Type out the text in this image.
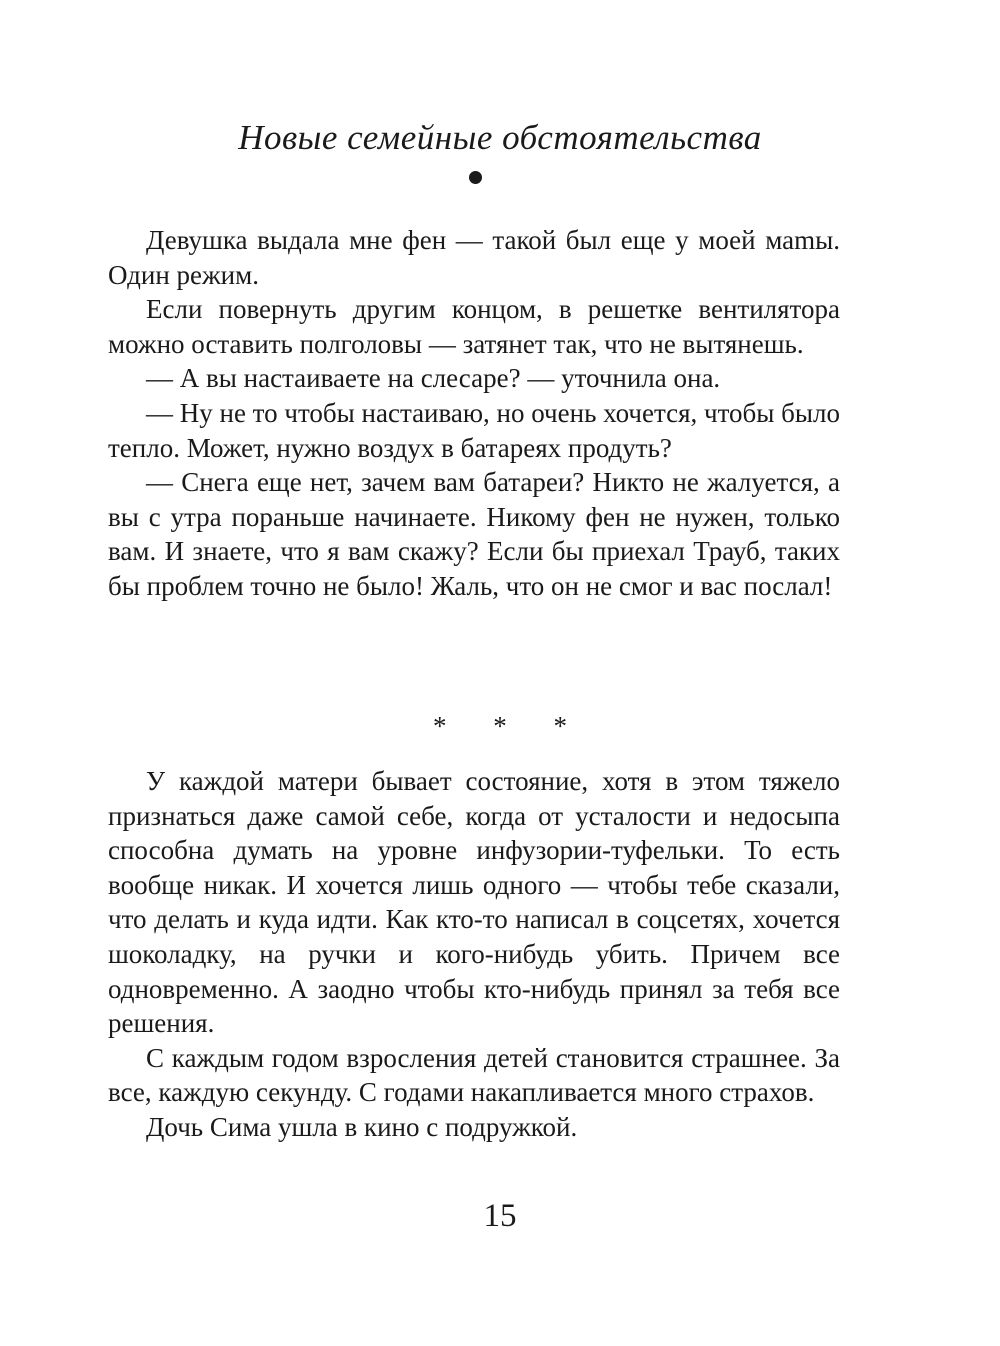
Новые семейные обстоятельства

Девушка выдала мне фен — такой был еще у моей маmы. Один режим.

Если повернуть другим концом, в решетке вентилятора можно оставить полголовы — затянет так, что не вытянешь.

— А вы настаиваете на слесаре? — уточнила она.

— Ну не то чтобы настаиваю, но очень хочется, чтобы было тепло. Может, нужно воздух в батареях продуть?

— Снега еще нет, зачем вам батареи? Никто не жалуется, а вы с утра пораньше начинаете. Никому фен не нужен, только вам. И знаете, что я вам скажу? Если бы приехал Трауб, таких бы проблем точно не было! Жаль, что он не смог и вас послал!

* * *

У каждой матери бывает состояние, хотя в этом тяжело признаться даже самой себе, когда от усталости и недосыпа способна думать на уровне инфузории-туфельки. То есть вообще никак. И хочется лишь одного — чтобы тебе сказали, что делать и куда идти. Как кто-то написал в соцсетях, хочется шоколадку, на ручки и кого-нибудь убить. Причем все одновременно. А заодно чтобы кто-нибудь принял за тебя все решения.

С каждым годом взросления детей становится страшнее. За все, каждую секунду. С годами накапливается много страхов.

Дочь Сима ушла в кино с подружкой.

15
